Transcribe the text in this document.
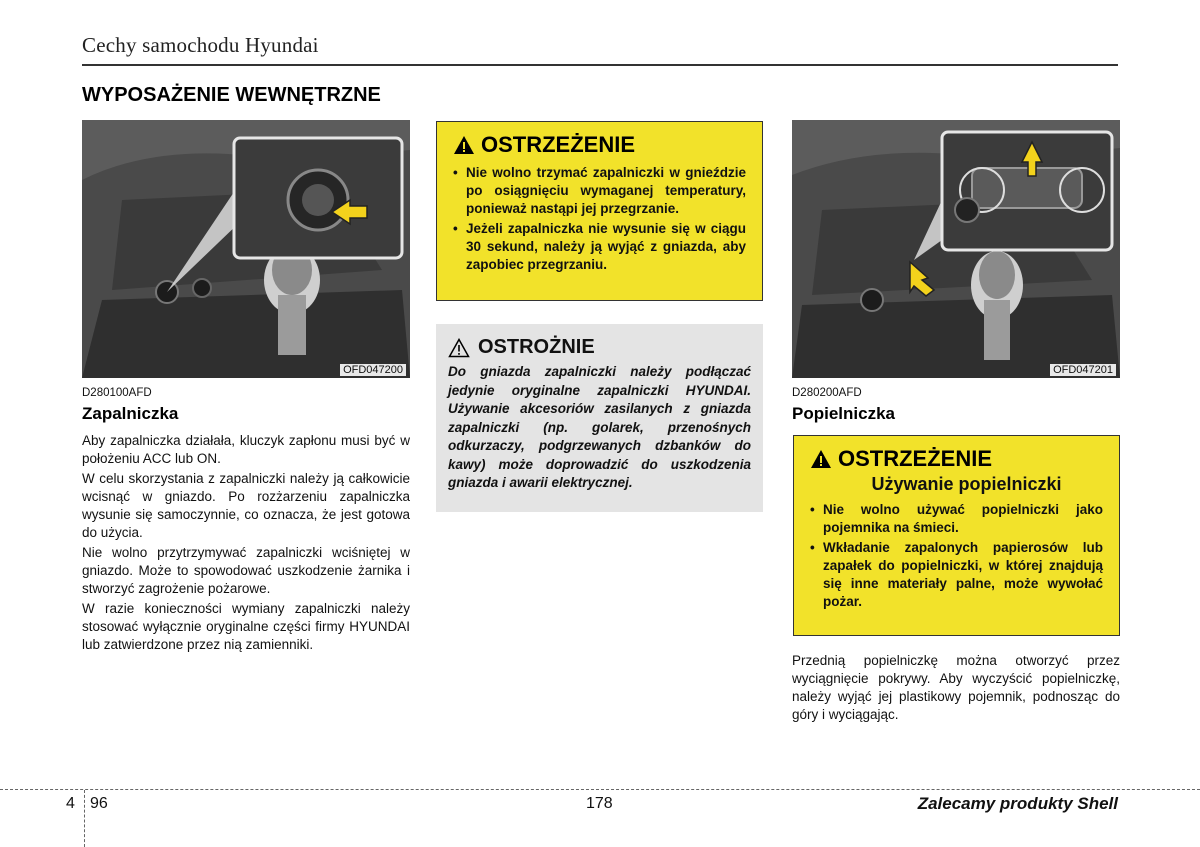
Cechy samochodu Hyundai
WYPOSAŻENIE WEWNĘTRZNE
OFD047200
D280100AFD
Zapalniczka

Aby zapalniczka działała, kluczyk zapłonu musi być w położeniu ACC lub ON.

W celu skorzystania z zapalniczki należy ją całkowicie wcisnąć w gniazdo. Po rozżarzeniu zapalniczka wysunie się samoczynnie, co oznacza, że jest gotowa do użycia.

Nie wolno przytrzymywać zapalniczki wciśniętej w gniazdo. Może to spowodować uszkodzenie żarnika i stworzyć zagrożenie pożarowe.

W razie konieczności wymiany zapalniczki należy stosować wyłącznie oryginalne części firmy HYUNDAI lub zatwierdzone przez nią zamienniki.

OSTRZEŻENIE
• Nie wolno trzymać zapalniczki w gnieździe po osiągnięciu wymaganej temperatury, ponieważ nastąpi jej przegrzanie.
• Jeżeli zapalniczka nie wysunie się w ciągu 30 sekund, należy ją wyjąć z gniazda, aby zapobiec przegrzaniu.
OSTROŻNIE
Do gniazda zapalniczki należy podłączać jedynie oryginalne zapalniczki HYUNDAI. Używanie akcesoriów zasilanych z gniazda zapalniczki (np. golarek, przenośnych odkurzaczy, podgrzewanych dzbanków do kawy) może doprowadzić do uszkodzenia gniazda i awarii elektrycznej.
OFD047201
D280200AFD
Popielniczka
OSTRZEŻENIE
Używanie popielniczki
• Nie wolno używać popielniczki jako pojemnika na śmieci.
• Wkładanie zapalonych papierosów lub zapałek do popielniczki, w której znajdują się inne materiały palne, może wywołać pożar.

Przednią popielniczkę można otworzyć przez wyciągnięcie pokrywy. Aby wyczyścić popielniczkę, należy wyjąć jej plastikowy pojemnik, podnosząc do góry i wyciągając.

4 96	178	Zalecamy produkty Shell
